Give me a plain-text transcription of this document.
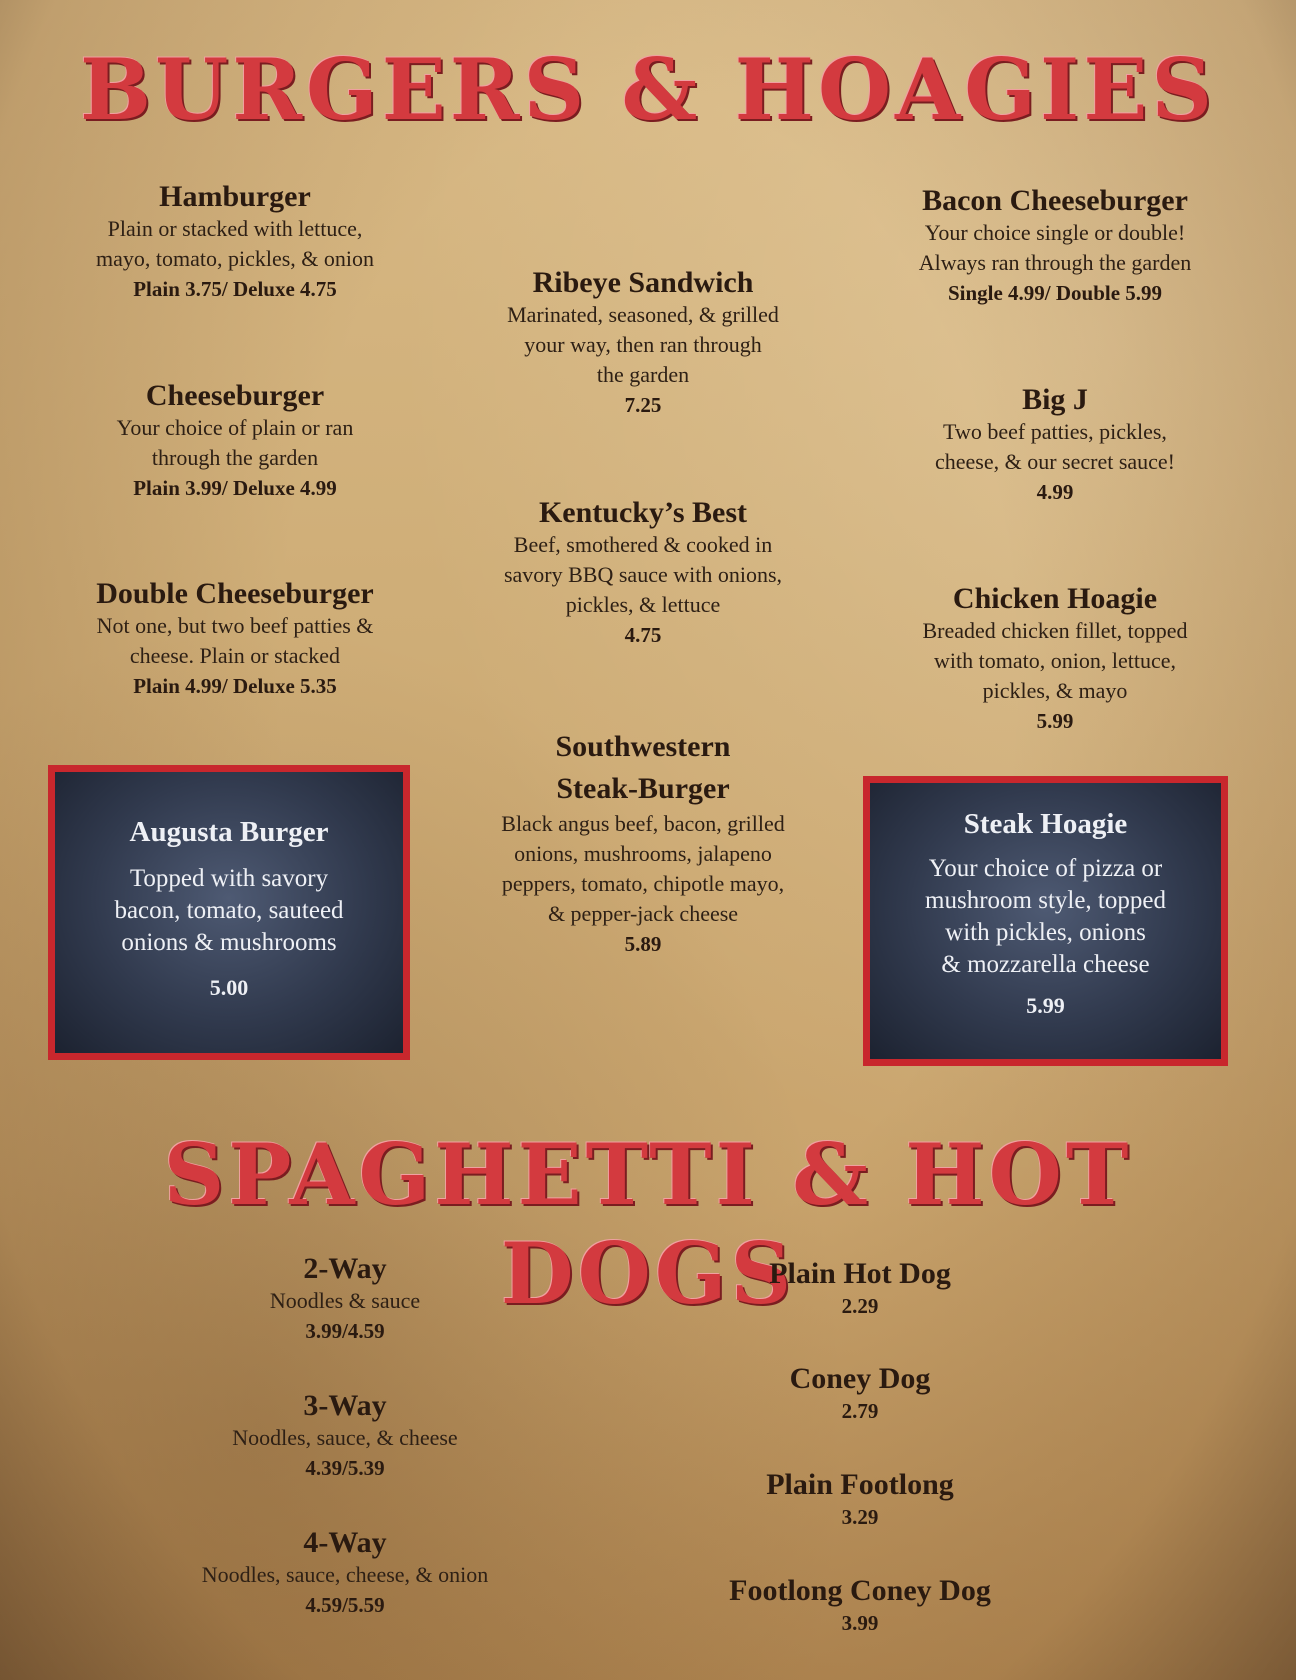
BURGERS & HOAGIES
Hamburger
Plain or stacked with lettuce,
mayo, tomato, pickles, & onion
Plain 3.75/ Deluxe 4.75
Cheeseburger
Your choice of plain or ran
through the garden
Plain 3.99/ Deluxe 4.99
Double Cheeseburger
Not one, but two beef patties &
cheese. Plain or stacked
Plain 4.99/ Deluxe 5.35
Augusta Burger
Topped with savory
bacon, tomato, sauteed
onions & mushrooms
5.00
Ribeye Sandwich
Marinated, seasoned, & grilled
your way, then ran through
the garden
7.25
Kentucky’s Best
Beef, smothered & cooked in
savory BBQ sauce with onions,
pickles, & lettuce
4.75
Southwestern
Steak-Burger
Black angus beef, bacon, grilled
onions, mushrooms, jalapeno
peppers, tomato, chipotle mayo,
& pepper-jack cheese
5.89
Bacon Cheeseburger
Your choice single or double!
Always ran through the garden
Single 4.99/ Double 5.99
Big J
Two beef patties, pickles,
cheese, & our secret sauce!
4.99
Chicken Hoagie
Breaded chicken fillet, topped
with tomato, onion, lettuce,
pickles, & mayo
5.99
Steak Hoagie
Your choice of pizza or
mushroom style, topped
with pickles, onions
& mozzarella cheese
5.99
SPAGHETTI & HOT DOGS
2-Way
Noodles & sauce
3.99/4.59
3-Way
Noodles, sauce, & cheese
4.39/5.39
4-Way
Noodles, sauce, cheese, & onion
4.59/5.59
Plain Hot Dog
2.29
Coney Dog
2.79
Plain Footlong
3.29
Footlong Coney Dog
3.99
